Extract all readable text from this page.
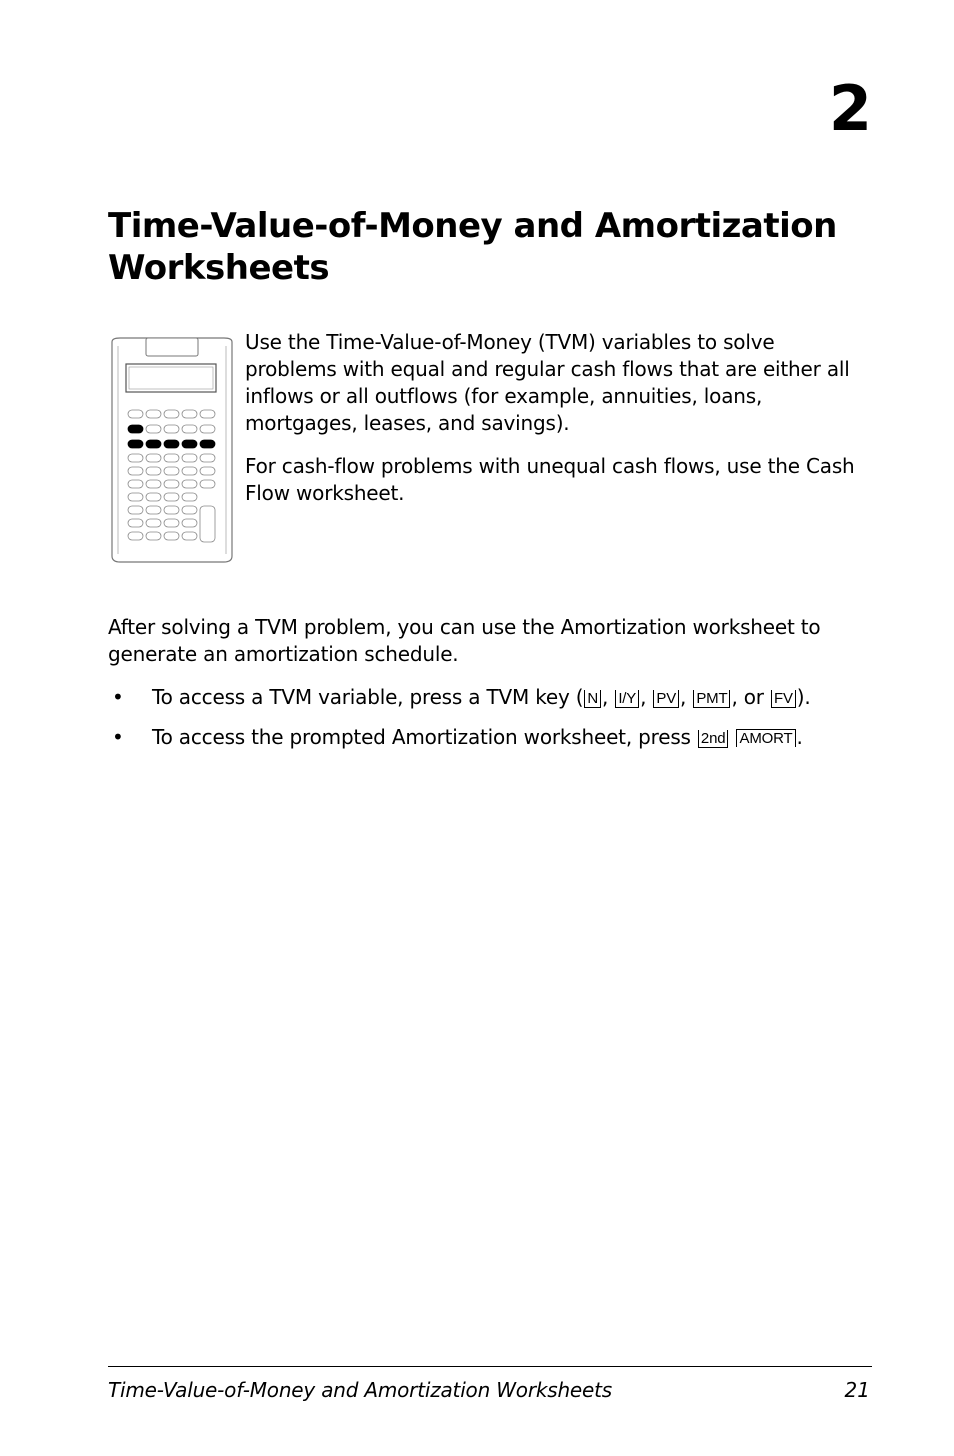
2
Time-Value-of-Money and Amortization Worksheets

Use the Time-Value-of-Money (TVM) variables to solve problems with equal and regular cash flows that are either all inflows or all outflows (for example, annuities, loans, mortgages, leases, and savings).

For cash-flow problems with unequal cash flows, use the Cash Flow worksheet.

After solving a TVM problem, you can use the Amortization worksheet to generate an amortization schedule.

• To access a TVM variable, press a TVM key ( N , I/Y , PV , PMT , or FV ).
• To access the prompted Amortization worksheet, press 2nd AMORT .
Time-Value-of-Money and Amortization Worksheets	21
